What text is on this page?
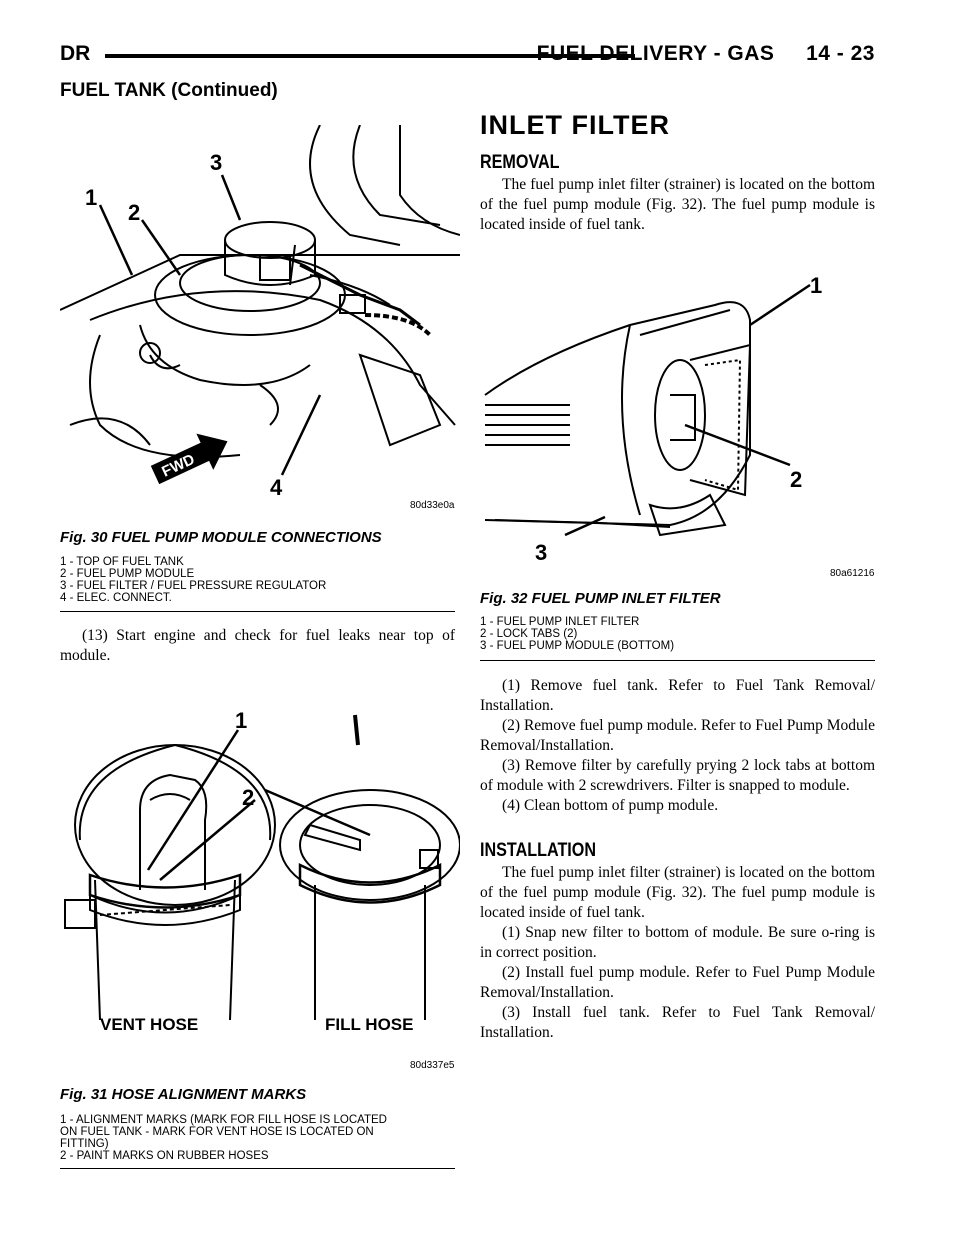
DR	FUEL DELIVERY - GAS     14 - 23
FUEL TANK (Continued)
1
2
3
4
FWD
80d33e0a
Fig. 30 FUEL PUMP MODULE CONNECTIONS
1 - TOP OF FUEL TANK
2 - FUEL PUMP MODULE
3 - FUEL FILTER / FUEL PRESSURE REGULATOR
4 - ELEC. CONNECT.

(13) Start engine and check for fuel leaks near top of module.

1
2
VENT HOSE	FILL HOSE
80d337e5
Fig. 31 HOSE ALIGNMENT MARKS
1 - ALIGNMENT MARKS (MARK FOR FILL HOSE IS LOCATED
ON FUEL TANK - MARK FOR VENT HOSE IS LOCATED ON
FITTING)
2 - PAINT MARKS ON RUBBER HOSES
INLET FILTER
REMOVAL

The fuel pump inlet filter (strainer) is located on the bottom of the fuel pump module (Fig. 32). The fuel pump module is located inside of fuel tank.

1
2
3
80a61216
Fig. 32 FUEL PUMP INLET FILTER
1 - FUEL PUMP INLET FILTER
2 - LOCK TABS (2)
3 - FUEL PUMP MODULE (BOTTOM)

(1) Remove fuel tank. Refer to Fuel Tank Removal/ Installation.

(2) Remove fuel pump module. Refer to Fuel Pump Module Removal/Installation.

(3) Remove filter by carefully prying 2 lock tabs at bottom of module with 2 screwdrivers. Filter is snapped to module.

(4) Clean bottom of pump module.

INSTALLATION

The fuel pump inlet filter (strainer) is located on the bottom of the fuel pump module (Fig. 32). The fuel pump module is located inside of fuel tank.

(1) Snap new filter to bottom of module. Be sure o-ring is in correct position.

(2) Install fuel pump module. Refer to Fuel Pump Module Removal/Installation.

(3) Install fuel tank. Refer to Fuel Tank Removal/ Installation.
